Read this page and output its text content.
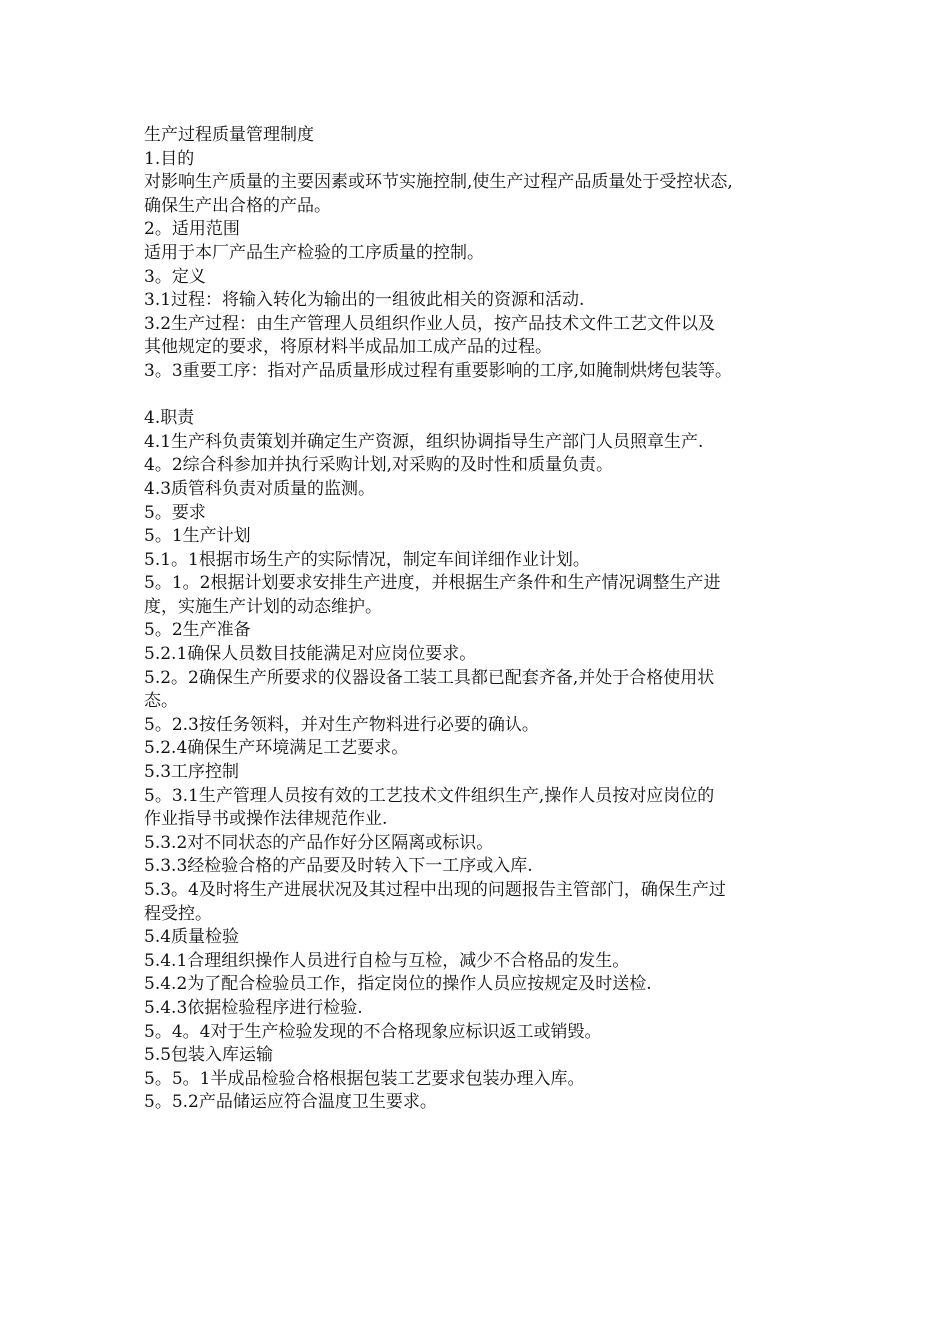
生产过程质量管理制度
1.目的
对影响生产质量的主要因素或环节实施控制,使生产过程产品质量处于受控状态,
确保生产出合格的产品。
2。适用范围
适用于本厂产品生产检验的工序质量的控制。
3。定义
3.1过程：将输入转化为输出的一组彼此相关的资源和活动.
3.2生产过程：由生产管理人员组织作业人员，按产品技术文件工艺文件以及
其他规定的要求，将原材料半成品加工成产品的过程。
3。3重要工序：指对产品质量形成过程有重要影响的工序,如腌制烘烤包装等。
4.职责
4.1生产科负责策划并确定生产资源，组织协调指导生产部门人员照章生产.
4。2综合科参加并执行采购计划,对采购的及时性和质量负责。
4.3质管科负责对质量的监测。
5。要求
5。1生产计划
5.1。1根据市场生产的实际情况，制定车间详细作业计划。
5。1。2根据计划要求安排生产进度，并根据生产条件和生产情况调整生产进
度，实施生产计划的动态维护。
5。2生产准备
5.2.1确保人员数目技能满足对应岗位要求。
5.2。2确保生产所要求的仪器设备工装工具都已配套齐备,并处于合格使用状
态。
5。2.3按任务领料，并对生产物料进行必要的确认。
5.2.4确保生产环境满足工艺要求。
5.3工序控制
5。3.1生产管理人员按有效的工艺技术文件组织生产,操作人员按对应岗位的
作业指导书或操作法律规范作业.
5.3.2对不同状态的产品作好分区隔离或标识。
5.3.3经检验合格的产品要及时转入下一工序或入库.
5.3。4及时将生产进展状况及其过程中出现的问题报告主管部门，确保生产过
程受控。
5.4质量检验
5.4.1合理组织操作人员进行自检与互检，减少不合格品的发生。
5.4.2为了配合检验员工作，指定岗位的操作人员应按规定及时送检.
5.4.3依据检验程序进行检验.
5。4。4对于生产检验发现的不合格现象应标识返工或销毁。
5.5包装入库运输
5。5。1半成品检验合格根据包装工艺要求包装办理入库。
5。5.2产品储运应符合温度卫生要求。
